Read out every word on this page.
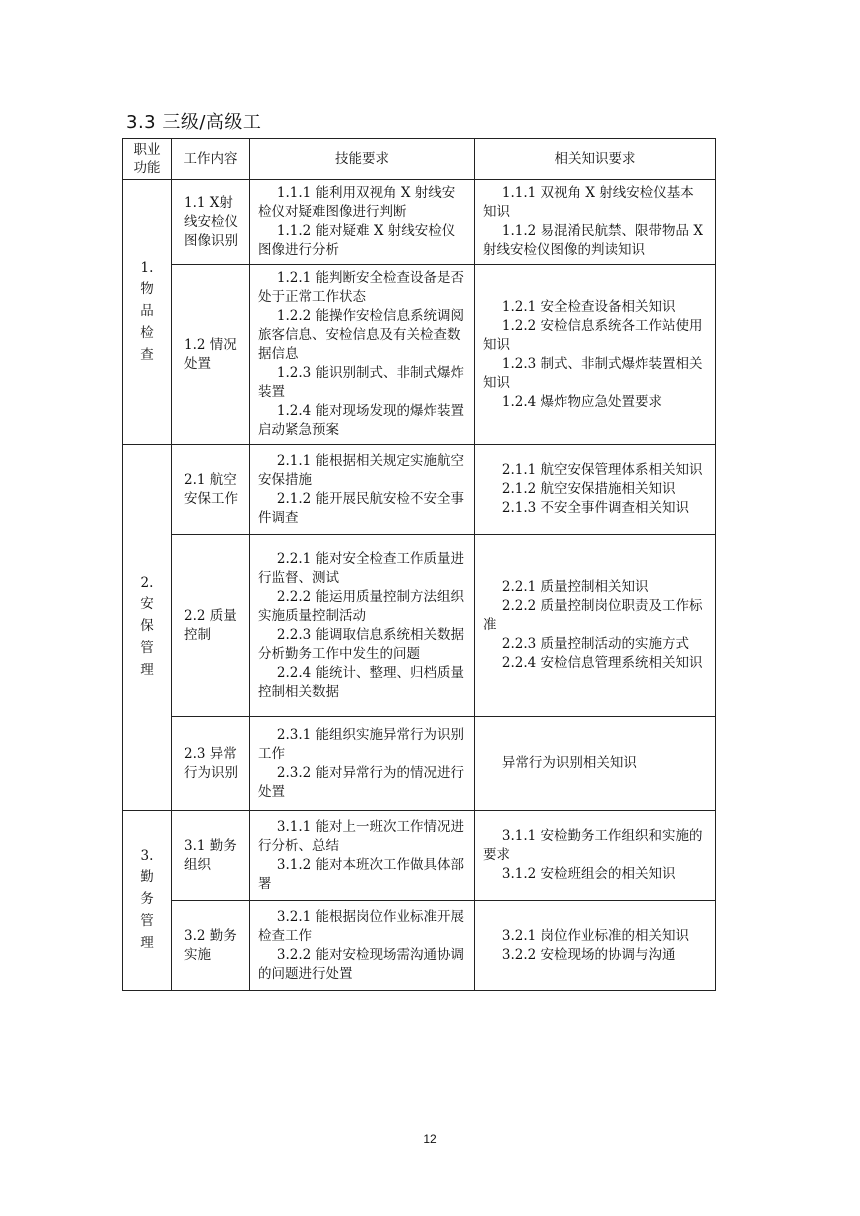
3.3 三级/高级工
职业功能	工作内容	技能要求	相关知识要求

1.
物
品
检
查	1.1 X射线安检仪图像识别	1.1.1 能利用双视角 X 射线安检仪对疑难图像进行判断
1.1.2 能对疑难 X 射线安检仪图像进行分析	1.1.1 双视角 X 射线安检仪基本知识
1.1.2 易混淆民航禁、限带物品 X 射线安检仪图像的判读知识

	1.2 情况处置	1.2.1 能判断安全检查设备是否处于正常工作状态
1.2.2 能操作安检信息系统调阅旅客信息、安检信息及有关检查数据信息
1.2.3 能识别制式、非制式爆炸装置
1.2.4 能对现场发现的爆炸装置启动紧急预案	1.2.1 安全检查设备相关知识
1.2.2 安检信息系统各工作站使用知识
1.2.3 制式、非制式爆炸装置相关知识
1.2.4 爆炸物应急处置要求

2.
安
保
管
理	2.1 航空安保工作	2.1.1 能根据相关规定实施航空安保措施
2.1.2 能开展民航安检不安全事件调查	2.1.1 航空安保管理体系相关知识
2.1.2 航空安保措施相关知识
2.1.3 不安全事件调查相关知识

	2.2 质量控制	2.2.1 能对安全检查工作质量进行监督、测试
2.2.2 能运用质量控制方法组织实施质量控制活动
2.2.3 能调取信息系统相关数据分析勤务工作中发生的问题
2.2.4 能统计、整理、归档质量控制相关数据	2.2.1 质量控制相关知识
2.2.2 质量控制岗位职责及工作标准
2.2.3 质量控制活动的实施方式
2.2.4 安检信息管理系统相关知识

	2.3 异常行为识别	2.3.1 能组织实施异常行为识别工作
2.3.2 能对异常行为的情况进行处置	异常行为识别相关知识

3.
勤
务
管
理	3.1 勤务组织	3.1.1 能对上一班次工作情况进行分析、总结
3.1.2 能对本班次工作做具体部署	3.1.1 安检勤务工作组织和实施的要求
3.1.2 安检班组会的相关知识

	3.2 勤务实施	3.2.1 能根据岗位作业标准开展检查工作
3.2.2 能对安检现场需沟通协调的问题进行处置	3.2.1 岗位作业标准的相关知识
3.2.2 安检现场的协调与沟通
12
